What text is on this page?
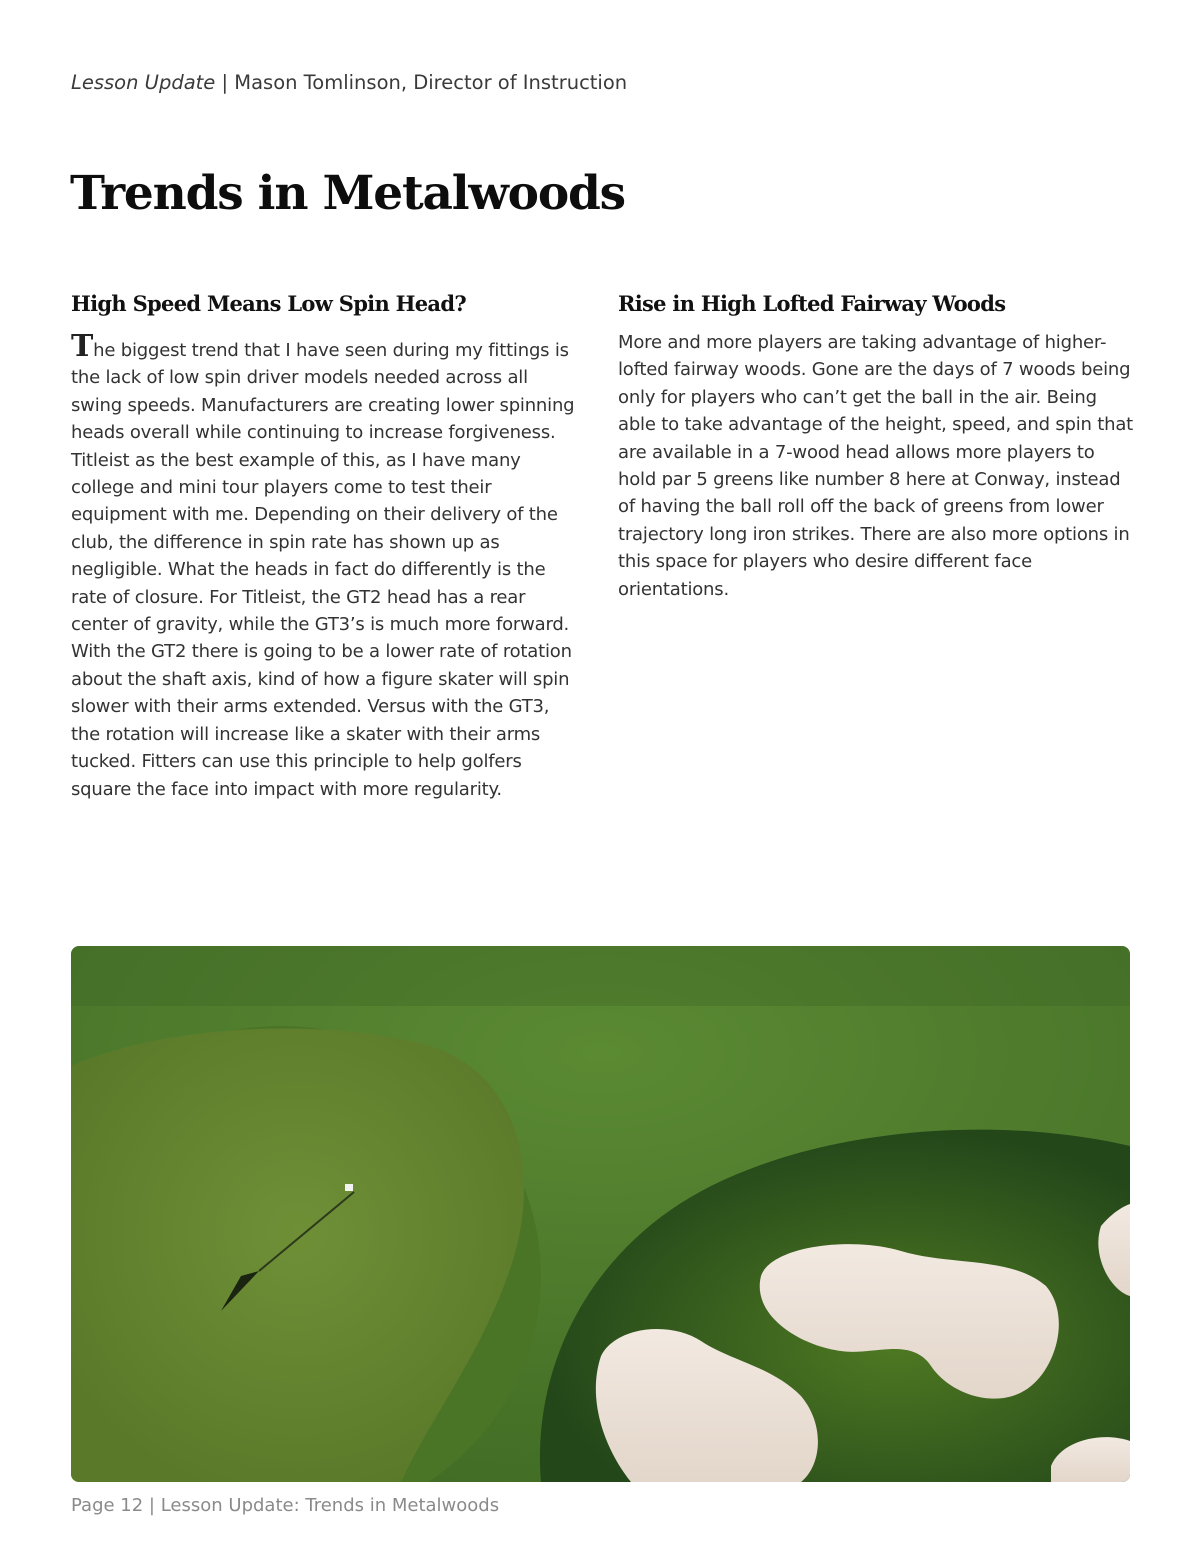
Lesson Update | Mason Tomlinson, Director of Instruction
Trends in Metalwoods
High Speed Means Low Spin Head?

The biggest trend that I have seen during my fittings is the lack of low spin driver models needed across all swing speeds. Manufacturers are creating lower spinning heads overall while continuing to increase forgiveness. Titleist as the best example of this, as I have many college and mini tour players come to test their equipment with me. Depending on their delivery of the club, the difference in spin rate has shown up as negligible. What the heads in fact do differently is the rate of closure. For Titleist, the GT2 head has a rear center of gravity, while the GT3’s is much more forward. With the GT2 there is going to be a lower rate of rotation about the shaft axis, kind of how a figure skater will spin slower with their arms extended. Versus with the GT3, the rotation will increase like a skater with their arms tucked. Fitters can use this principle to help golfers square the face into impact with more regularity.

Rise in High Lofted Fairway Woods

More and more players are taking advantage of higher-lofted fairway woods. Gone are the days of 7 woods being only for players who can’t get the ball in the air. Being able to take advantage of the height, speed, and spin that are available in a 7-wood head allows more players to hold par 5 greens like number 8 here at Conway, instead of having the ball roll off the back of greens from lower trajectory long iron strikes. There are also more options in this space for players who desire different face orientations.

Page 12 | Lesson Update: Trends in Metalwoods
